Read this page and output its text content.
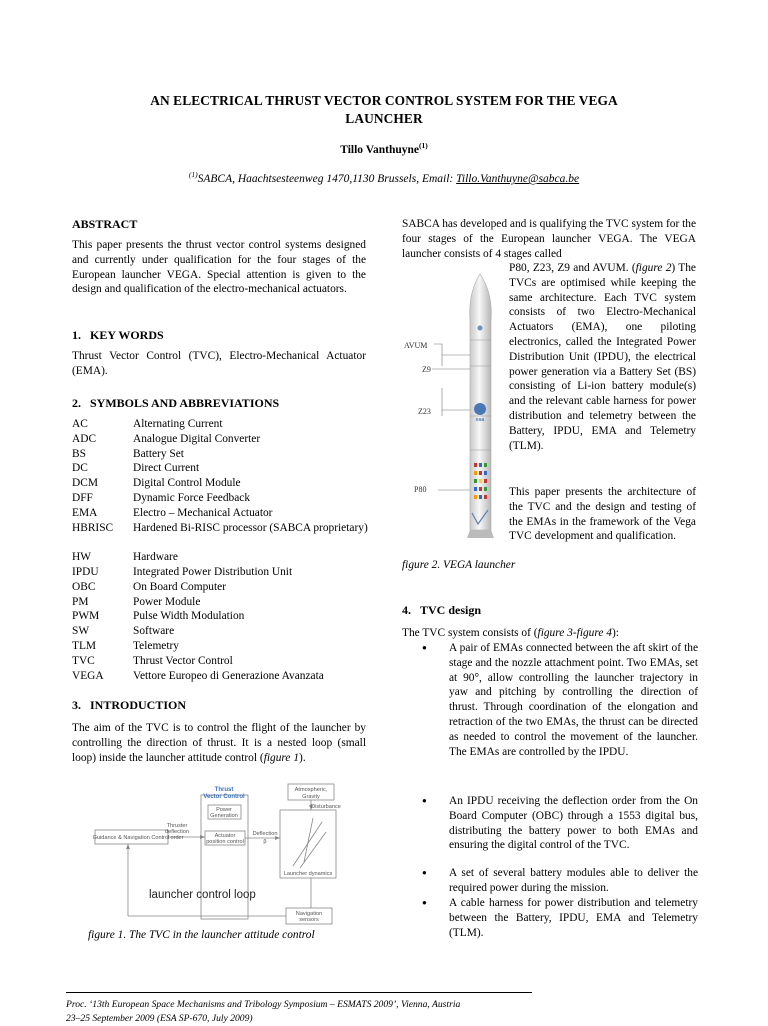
AN ELECTRICAL THRUST VECTOR CONTROL SYSTEM FOR THE VEGA
LAUNCHER
Tillo Vanthuyne$^{(1)}$
$^{(1)}$SABCA, Haachtsesteenweg 1470,1130 Brussels, Email: Tillo.Vanthuyne@sabca.be
ABSTRACT
This paper presents the thrust vector control systems designed and currently under qualification for the four stages of the European launcher VEGA. Special attention is given to the design and qualification of the electro-mechanical actuators.
1.   KEY WORDS
Thrust Vector Control (TVC), Electro-Mechanical Actuator (EMA).
2.   SYMBOLS AND ABBREVIATIONS
AC	Alternating Current
ADC	Analogue Digital Converter
BS	Battery Set
DC	Direct Current
DCM	Digital Control Module
DFF	Dynamic Force Feedback
EMA	Electro – Mechanical Actuator
HBRISC Hardened Bi-RISC processor (SABCA proprietary)
HW	Hardware
IPDU	Integrated Power Distribution Unit
OBC	On Board Computer
PM	Power Module
PWM	Pulse Width Modulation
SW	Software
TLM	Telemetry
TVC	Thrust Vector Control
VEGA	Vettore Europeo di Generazione Avanzata
3.   INTRODUCTION
The aim of the TVC is to control the flight of the launcher by controlling the direction of thrust. It is a nested loop (small loop) inside the launcher attitude control (figure 1).
Thrust
Vector Control
Power
Generation
Actuator
position control
Guidance & Navigation Control
Thruster
deflection
order
Deflection
β
Atmospheric,
Gravity
Disturbance
Launcher dynamics
Navigation
sensors
launcher control loop
figure 1. The TVC in the launcher attitude control
SABCA has developed and is qualifying the TVC system for the four stages of the European launcher VEGA. The VEGA launcher consists of 4 stages called
P80, Z23, Z9 and AVUM. (figure 2) The TVCs are optimised while keeping the same architecture. Each TVC system consists of two Electro-Mechanical Actuators (EMA), one piloting electronics, called the Integrated Power Distribution Unit (IPDU), the electrical power generation via a Battery Set (BS) consisting of Li-ion battery module(s) and the relevant cable harness for power distribution and telemetry between the Battery, IPDU, EMA and Telemetry (TLM).
This paper presents the architecture of the TVC and the design and testing of the EMAs in the framework of the Vega TVC development and qualification.
esa
AVUM
Z9
Z23
P80
figure 2. VEGA launcher
4.   TVC design
The TVC system consists of (figure 3-figure 4):
● A pair of EMAs connected between the aft skirt of the stage and the nozzle attachment point. Two EMAs, set at 90°, allow controlling the launcher trajectory in yaw and pitching by controlling the direction of thrust. Through coordination of the elongation and retraction of the two EMAs, the thrust can be directed as needed to control the movement of the launcher. The EMAs are controlled by the IPDU.
● An IPDU receiving the deflection order from the On Board Computer (OBC) through a 1553 digital bus, distributing the battery power to both EMAs and ensuring the digital control of the TVC.
● A set of several battery modules able to deliver the required power during the mission.
● A cable harness for power distribution and telemetry between the Battery, IPDU, EMA and Telemetry (TLM).
Proc. ‘13th European Space Mechanisms and Tribology Symposium – ESMATS 2009’, Vienna, Austria
23–25 September 2009 (ESA SP-670, July 2009)
